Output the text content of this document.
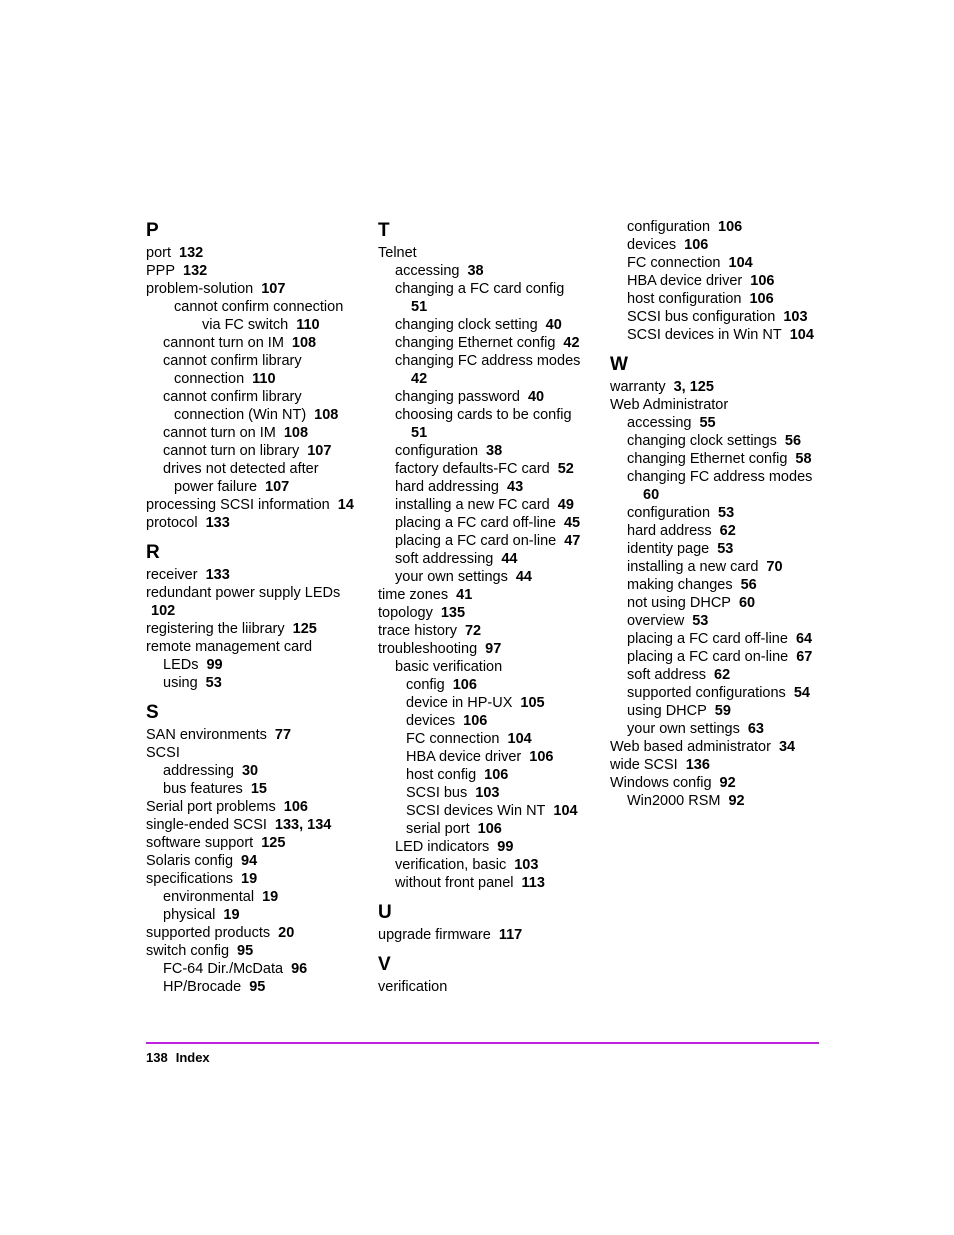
P
port 132
PPP 132
problem-solution 107
cannot confirm connection
via FC switch 110
cannont turn on IM 108
cannot confirm library
connection 110
cannot confirm library
connection (Win NT) 108
cannot turn on IM 108
cannot turn on library 107
drives not detected after
power failure 107
processing SCSI information 14
protocol 133
R
receiver 133
redundant power supply LEDs
102
registering the liibrary 125
remote management card
LEDs 99
using 53
S
SAN environments 77
SCSI
addressing 30
bus features 15
Serial port problems 106
single-ended SCSI 133, 134
software support 125
Solaris config 94
specifications 19
environmental 19
physical 19
supported products 20
switch config 95
FC-64 Dir./McData 96
HP/Brocade 95
T
Telnet
accessing 38
changing a FC card config
51
changing clock setting 40
changing Ethernet config 42
changing FC address modes
42
changing password 40
choosing cards to be config
51
configuration 38
factory defaults-FC card 52
hard addressing 43
installing a new FC card 49
placing a FC card off-line 45
placing a FC card on-line 47
soft addressing 44
your own settings 44
time zones 41
topology 135
trace history 72
troubleshooting 97
basic verification
config 106
device in HP-UX 105
devices 106
FC connection 104
HBA device driver 106
host config 106
SCSI bus 103
SCSI devices Win NT 104
serial port 106
LED indicators 99
verification, basic 103
without front panel 113
U
upgrade firmware 117
V
verification
configuration 106
devices 106
FC connection 104
HBA device driver 106
host configuration 106
SCSI bus configuration 103
SCSI devices in Win NT 104
W
warranty 3, 125
Web Administrator
accessing 55
changing clock settings 56
changing Ethernet config 58
changing FC address modes
60
configuration 53
hard address 62
identity page 53
installing a new card 70
making changes 56
not using DHCP 60
overview 53
placing a FC card off-line 64
placing a FC card on-line 67
soft address 62
supported configurations 54
using DHCP 59
your own settings 63
Web based administrator 34
wide SCSI 136
Windows config 92
Win2000 RSM 92
138 Index
